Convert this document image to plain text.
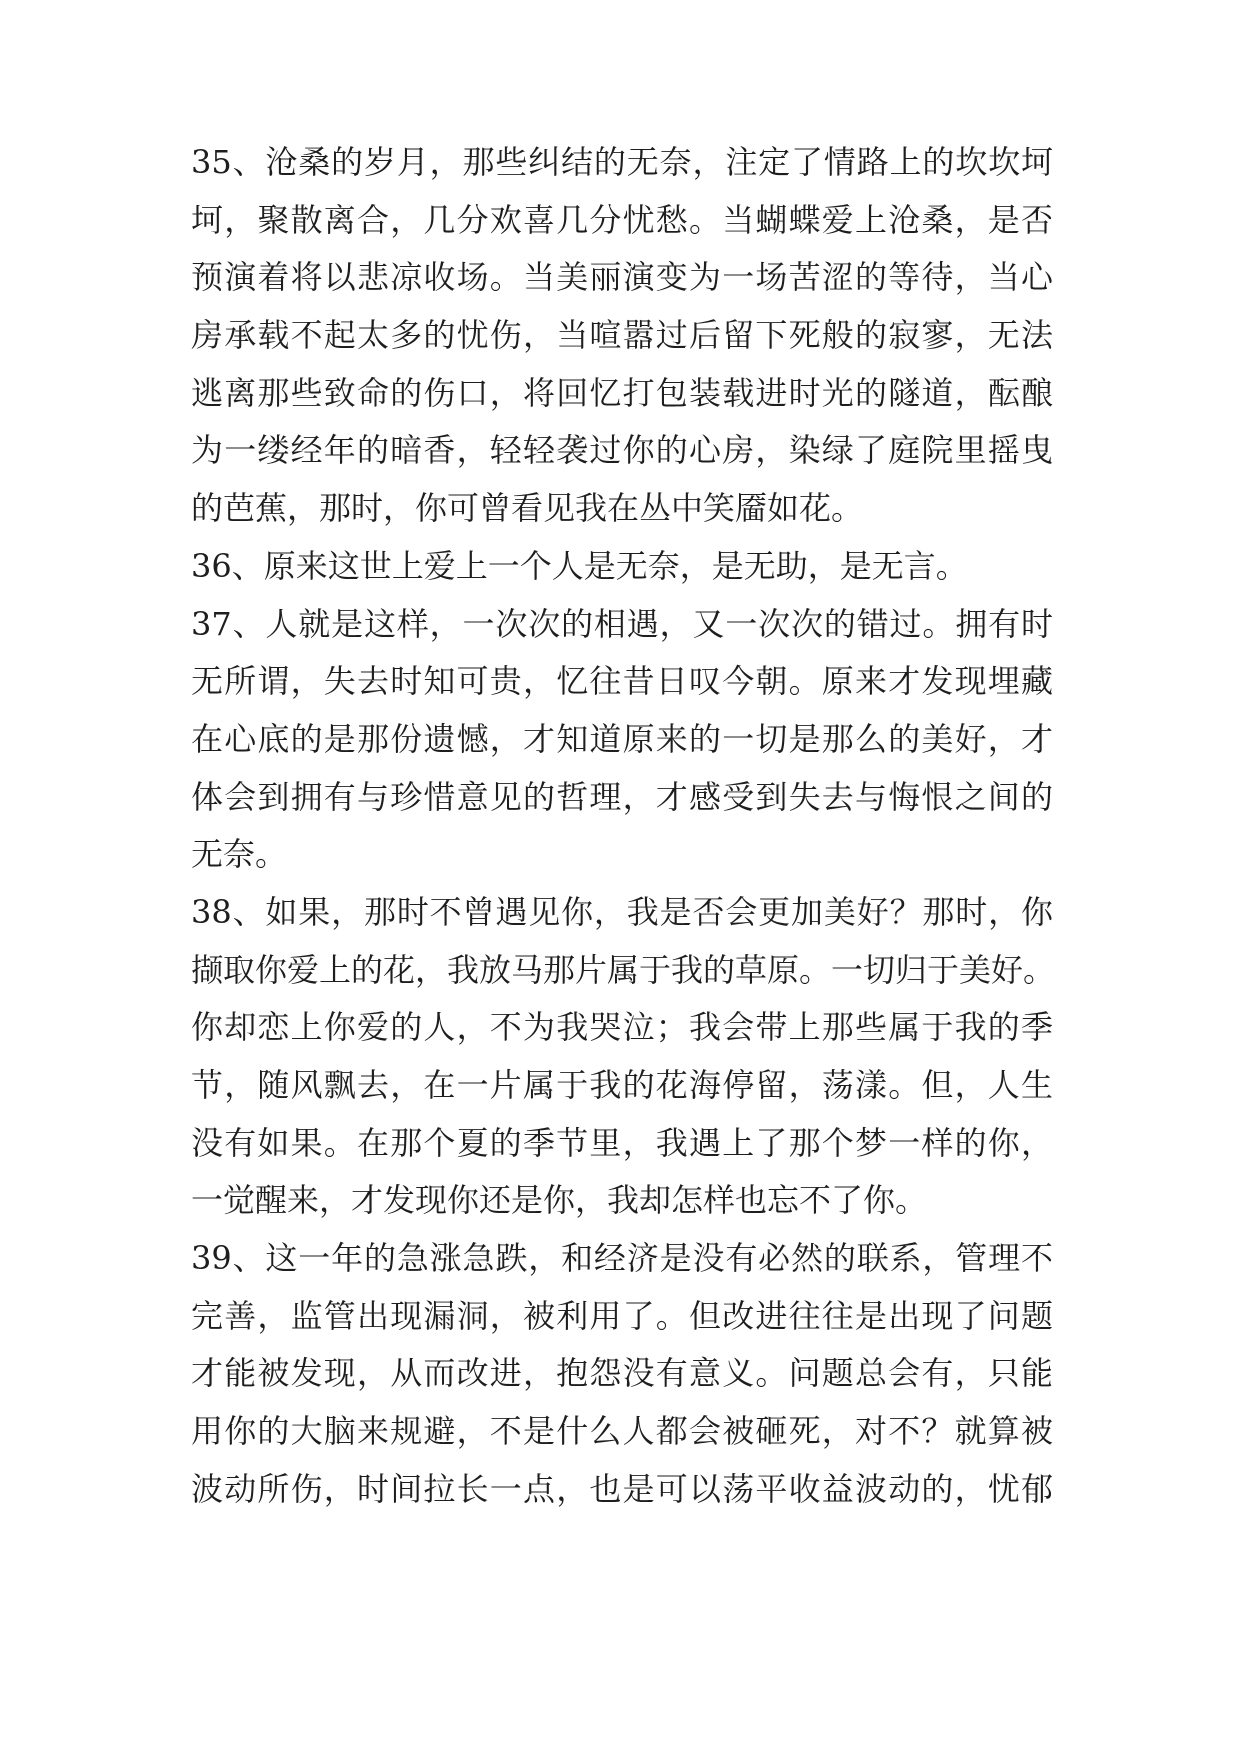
35、沧桑的岁月，那些纠结的无奈，注定了情路上的坎坎坷
坷，聚散离合，几分欢喜几分忧愁。当蝴蝶爱上沧桑，是否
预演着将以悲凉收场。当美丽演变为一场苦涩的等待，当心
房承载不起太多的忧伤，当喧嚣过后留下死般的寂寥，无法
逃离那些致命的伤口，将回忆打包装载进时光的隧道，酝酿
为一缕经年的暗香，轻轻袭过你的心房，染绿了庭院里摇曳
的芭蕉，那时，你可曾看见我在丛中笑靥如花。
36、原来这世上爱上一个人是无奈，是无助，是无言。
37、人就是这样，一次次的相遇，又一次次的错过。拥有时
无所谓，失去时知可贵，忆往昔日叹今朝。原来才发现埋藏
在心底的是那份遗憾，才知道原来的一切是那么的美好，才
体会到拥有与珍惜意见的哲理，才感受到失去与悔恨之间的
无奈。
38、如果，那时不曾遇见你，我是否会更加美好？那时，你
撷取你爱上的花，我放马那片属于我的草原。一切归于美好。
你却恋上你爱的人，不为我哭泣；我会带上那些属于我的季
节，随风飘去，在一片属于我的花海停留，荡漾。但，人生
没有如果。在那个夏的季节里，我遇上了那个梦一样的你，
一觉醒来，才发现你还是你，我却怎样也忘不了你。
39、这一年的急涨急跌，和经济是没有必然的联系，管理不
完善，监管出现漏洞，被利用了。但改进往往是出现了问题
才能被发现，从而改进，抱怨没有意义。问题总会有，只能
用你的大脑来规避，不是什么人都会被砸死，对不？就算被
波动所伤，时间拉长一点，也是可以荡平收益波动的，忧郁
